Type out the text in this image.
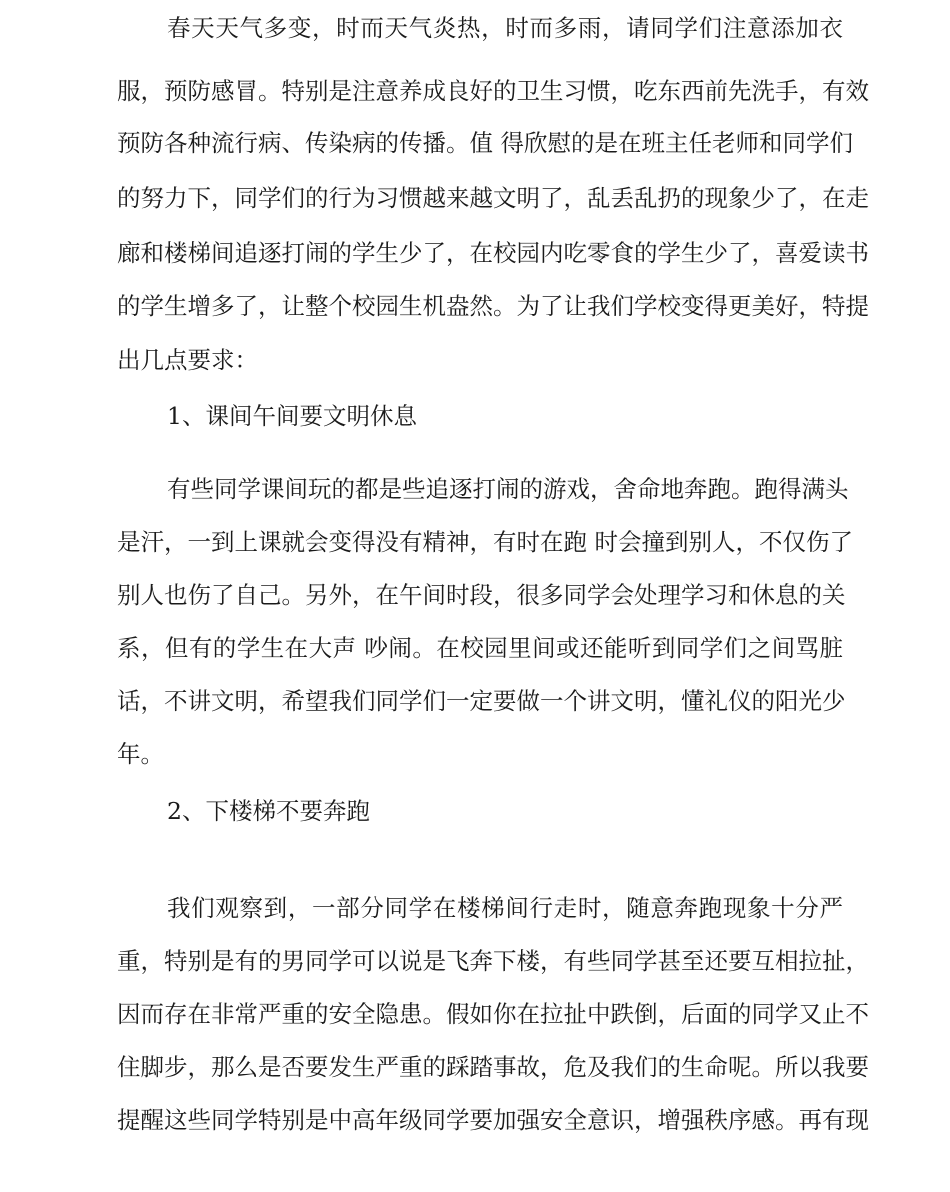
春天天气多变，时而天气炎热，时而多雨，请同学们注意添加衣
服，预防感冒。特别是注意养成良好的卫生习惯，吃东西前先洗手，有效
预防各种流行病、传染病的传播。值 得欣慰的是在班主任老师和同学们
的努力下，同学们的行为习惯越来越文明了，乱丢乱扔的现象少了，在走
廊和楼梯间追逐打闹的学生少了，在校园内吃零食的学生少了，喜爱读书
的学生增多了，让整个校园生机盎然。为了让我们学校变得更美好，特提
出几点要求：
1、课间午间要文明休息
有些同学课间玩的都是些追逐打闹的游戏，舍命地奔跑。跑得满头
是汗，一到上课就会变得没有精神，有时在跑 时会撞到别人，不仅伤了
别人也伤了自己。另外，在午间时段，很多同学会处理学习和休息的关
系，但有的学生在大声 吵闹。在校园里间或还能听到同学们之间骂脏
话，不讲文明，希望我们同学们一定要做一个讲文明，懂礼仪的阳光少
年。
2、下楼梯不要奔跑
我们观察到，一部分同学在楼梯间行走时，随意奔跑现象十分严
重，特别是有的男同学可以说是飞奔下楼，有些同学甚至还要互相拉扯，
因而存在非常严重的安全隐患。假如你在拉扯中跌倒，后面的同学又止不
住脚步，那么是否要发生严重的踩踏事故，危及我们的生命呢。所以我要
提醒这些同学特别是中高年级同学要加强安全意识，增强秩序感。再有现
